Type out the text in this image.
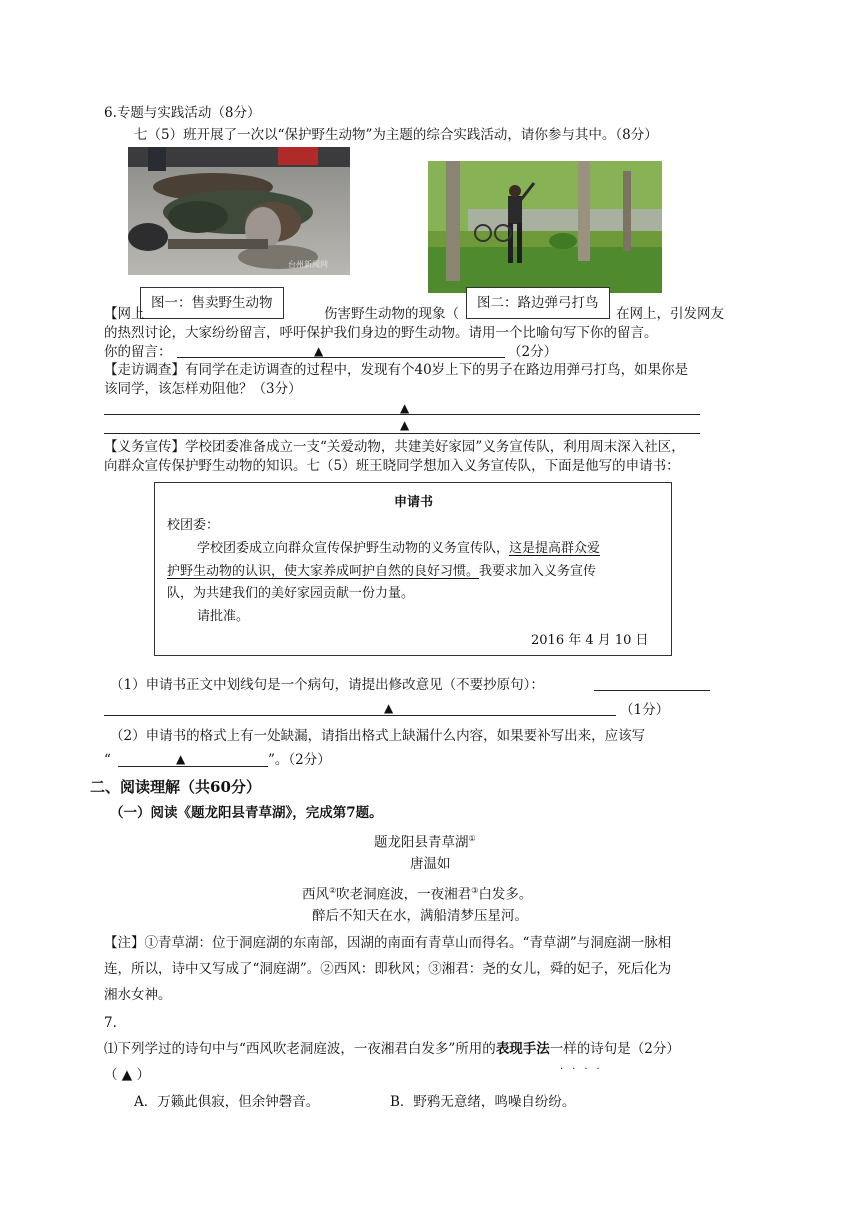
6.专题与实践活动（8分）
七（5）班开展了一次以“保护野生动物”为主题的综合实践活动，请你参与其中。（8分）
台州新闻网
图一：售卖野生动物	图二：路边弹弓打鸟
【网上	伤害野生动物的现象（	在网上，引发网友
的热烈讨论，大家纷纷留言，呼吁保护我们身边的野生动物。请用一个比喻句写下你的留言。
你的留言：	▲	（2分）
【走访调查】有同学在走访调查的过程中，发现有个40岁上下的男子在路边用弹弓打鸟，如果你是
该同学，该怎样劝阻他？（3分）
▲
▲
【义务宣传】学校团委准备成立一支“关爱动物，共建美好家园”义务宣传队，利用周末深入社区，
向群众宣传保护野生动物的知识。七（5）班王晓同学想加入义务宣传队，下面是他写的申请书：
申请书
校团委：
学校团委成立向群众宣传保护野生动物的义务宣传队，这是提高群众爱
护野生动物的认识，使大家养成呵护自然的良好习惯。我要求加入义务宣传
队，为共建我们的美好家园贡献一份力量。
请批准。
2016 年 4 月 10 日
（1）申请书正文中划线句是一个病句，请提出修改意见（不要抄原句）：
▲	（1分）
（2）申请书的格式上有一处缺漏，请指出格式上缺漏什么内容，如果要补写出来，应该写
“	▲	”。（2分）
二、阅读理解（共60分）
（一）阅读《题龙阳县青草湖》，完成第7题。
题龙阳县青草湖①
唐温如
西风②吹老洞庭波，一夜湘君③白发多。
醉后不知天在水，满船清梦压星河。
【注】①青草湖：位于洞庭湖的东南部，因湖的南面有青草山而得名。“青草湖”与洞庭湖一脉相
连，所以，诗中又写成了“洞庭湖”。②西风：即秋风；③湘君：尧的女儿，舜的妃子，死后化为
湘水女神。
7.
⑴下列学过的诗句中与“西风吹老洞庭波，一夜湘君白发多”所用的表现手法一样的诗句是（2分）
····
（ ▲ ）
A．万籁此俱寂，但余钟磬音。	B．野鸦无意绪，鸣噪自纷纷。
